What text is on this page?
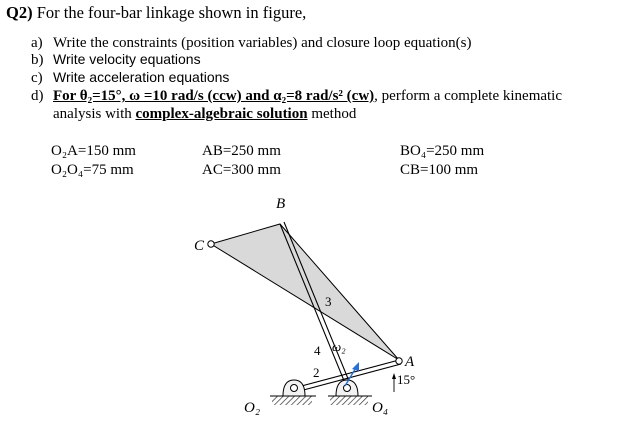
Q2) For the four-bar linkage shown in figure,
a) Write the constraints (position variables) and closure loop equation(s)
b) Write velocity equations
c) Write acceleration equations
d) For θ₂=15°, ω =10 rad/s (ccw) and α₂=8 rad/s² (cw), perform a complete kinematic
analysis with complex-algebraic solution method
O₂A=150 mm
O₂O₄=75 mm
AB=250 mm
AC=300 mm
BO₄=250 mm
CB=100 mm
B
C
A
O₂	O₄
3
4
2
ω₂
15°
